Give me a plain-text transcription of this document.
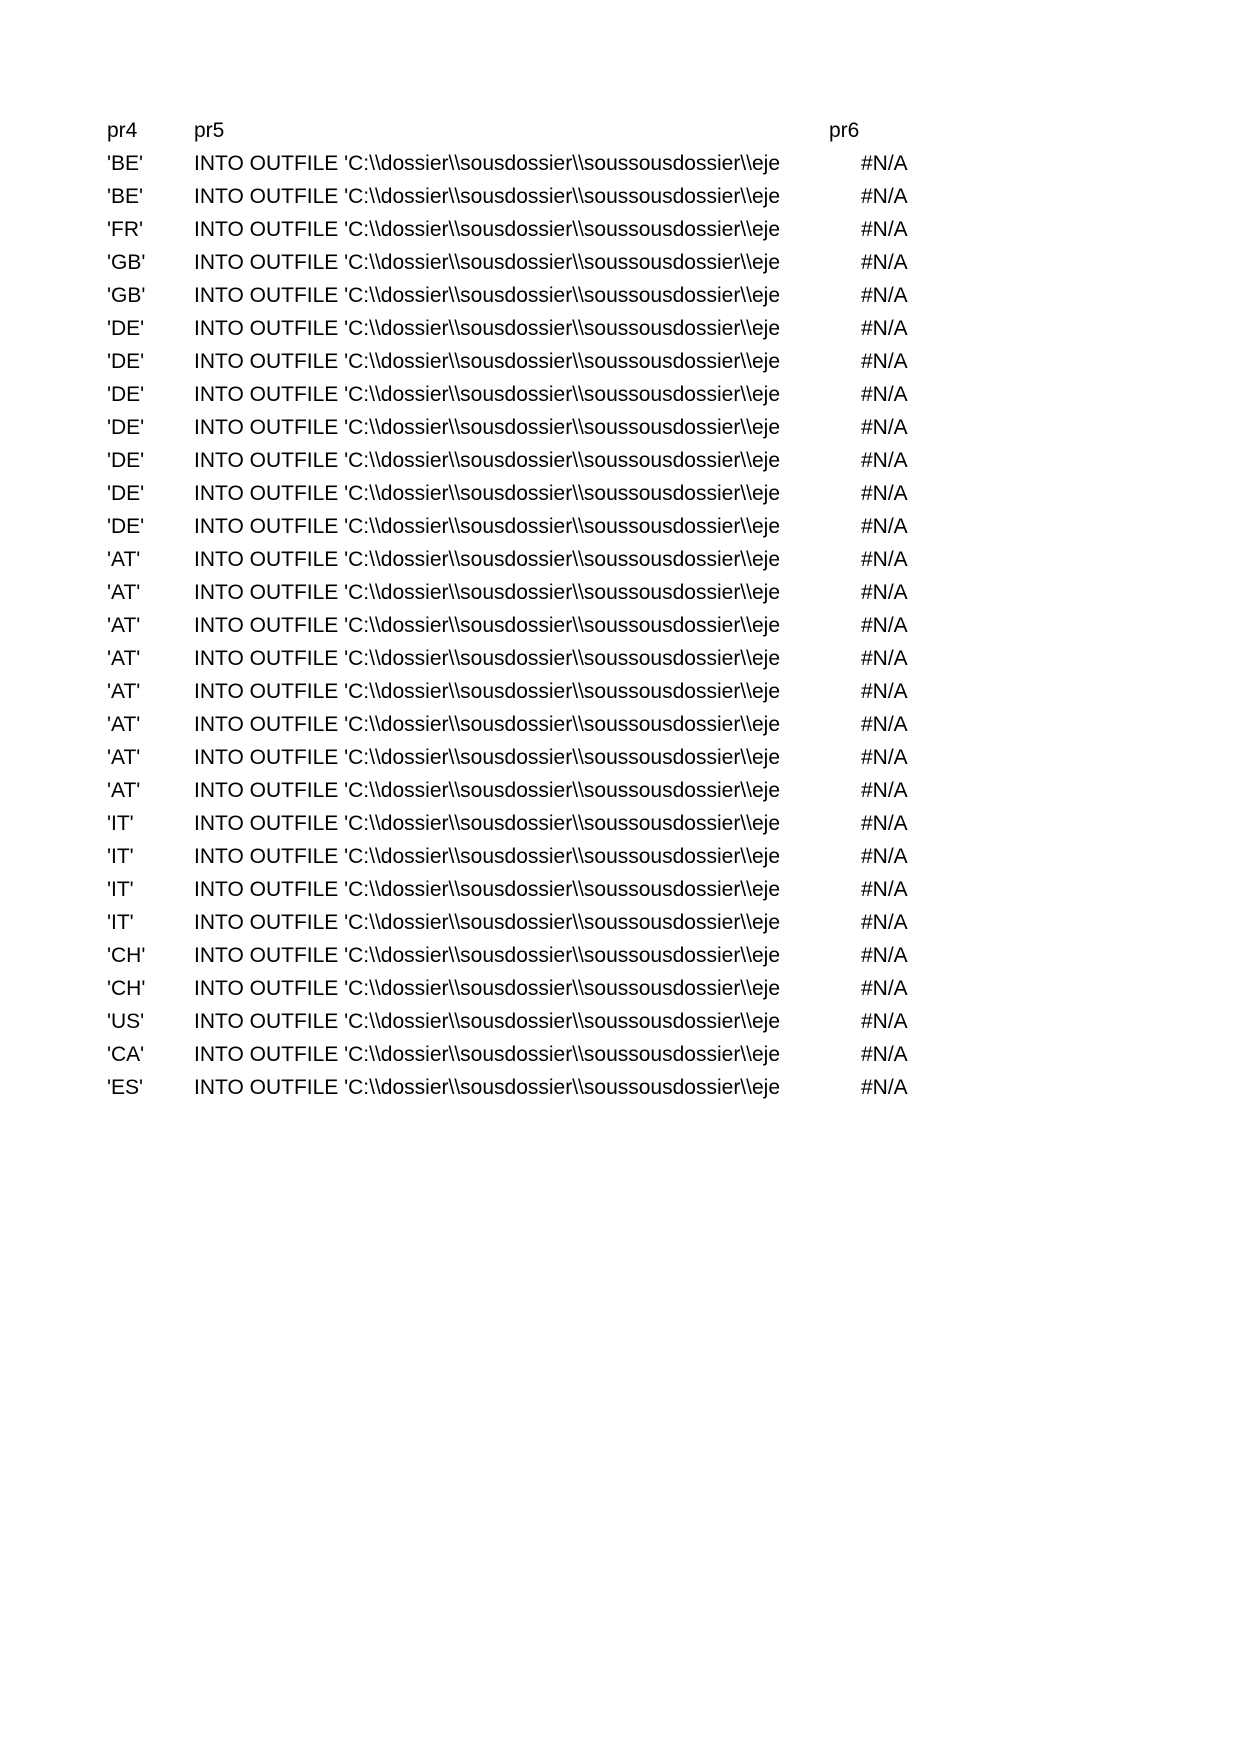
pr4	pr5	pr6
'BE'	INTO OUTFILE 'C:\\dossier\\sousdossier\\soussousdossier\\eje	#N/A
'BE'	INTO OUTFILE 'C:\\dossier\\sousdossier\\soussousdossier\\eje	#N/A
'FR'	INTO OUTFILE 'C:\\dossier\\sousdossier\\soussousdossier\\eje	#N/A
'GB'	INTO OUTFILE 'C:\\dossier\\sousdossier\\soussousdossier\\eje	#N/A
'GB'	INTO OUTFILE 'C:\\dossier\\sousdossier\\soussousdossier\\eje	#N/A
'DE'	INTO OUTFILE 'C:\\dossier\\sousdossier\\soussousdossier\\eje	#N/A
'DE'	INTO OUTFILE 'C:\\dossier\\sousdossier\\soussousdossier\\eje	#N/A
'DE'	INTO OUTFILE 'C:\\dossier\\sousdossier\\soussousdossier\\eje	#N/A
'DE'	INTO OUTFILE 'C:\\dossier\\sousdossier\\soussousdossier\\eje	#N/A
'DE'	INTO OUTFILE 'C:\\dossier\\sousdossier\\soussousdossier\\eje	#N/A
'DE'	INTO OUTFILE 'C:\\dossier\\sousdossier\\soussousdossier\\eje	#N/A
'DE'	INTO OUTFILE 'C:\\dossier\\sousdossier\\soussousdossier\\eje	#N/A
'AT'	INTO OUTFILE 'C:\\dossier\\sousdossier\\soussousdossier\\eje	#N/A
'AT'	INTO OUTFILE 'C:\\dossier\\sousdossier\\soussousdossier\\eje	#N/A
'AT'	INTO OUTFILE 'C:\\dossier\\sousdossier\\soussousdossier\\eje	#N/A
'AT'	INTO OUTFILE 'C:\\dossier\\sousdossier\\soussousdossier\\eje	#N/A
'AT'	INTO OUTFILE 'C:\\dossier\\sousdossier\\soussousdossier\\eje	#N/A
'AT'	INTO OUTFILE 'C:\\dossier\\sousdossier\\soussousdossier\\eje	#N/A
'AT'	INTO OUTFILE 'C:\\dossier\\sousdossier\\soussousdossier\\eje	#N/A
'AT'	INTO OUTFILE 'C:\\dossier\\sousdossier\\soussousdossier\\eje	#N/A
'IT'	INTO OUTFILE 'C:\\dossier\\sousdossier\\soussousdossier\\eje	#N/A
'IT'	INTO OUTFILE 'C:\\dossier\\sousdossier\\soussousdossier\\eje	#N/A
'IT'	INTO OUTFILE 'C:\\dossier\\sousdossier\\soussousdossier\\eje	#N/A
'IT'	INTO OUTFILE 'C:\\dossier\\sousdossier\\soussousdossier\\eje	#N/A
'CH'	INTO OUTFILE 'C:\\dossier\\sousdossier\\soussousdossier\\eje	#N/A
'CH'	INTO OUTFILE 'C:\\dossier\\sousdossier\\soussousdossier\\eje	#N/A
'US'	INTO OUTFILE 'C:\\dossier\\sousdossier\\soussousdossier\\eje	#N/A
'CA'	INTO OUTFILE 'C:\\dossier\\sousdossier\\soussousdossier\\eje	#N/A
'ES'	INTO OUTFILE 'C:\\dossier\\sousdossier\\soussousdossier\\eje	#N/A
